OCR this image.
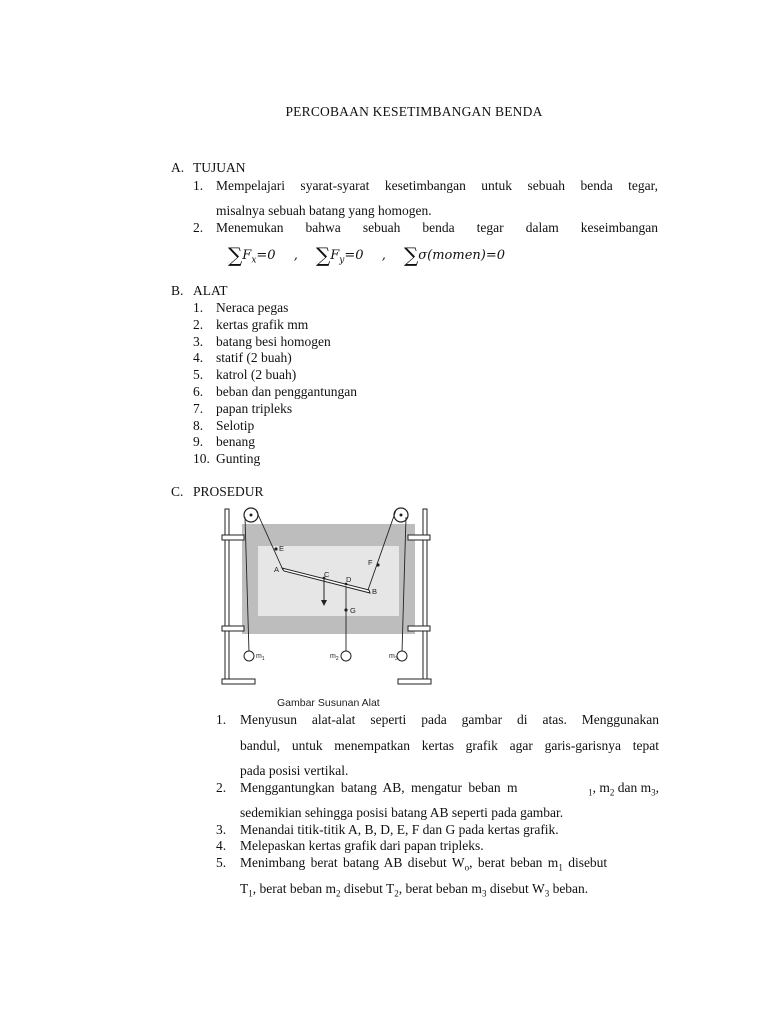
PERCOBAAN KESETIMBANGAN BENDA
A. TUJUAN
1. Mempelajari syarat-syarat kesetimbangan untuk sebuah benda tegar,
misalnya sebuah batang yang homogen.
2. Menemukan bahwa sebuah benda tegar dalam keseimbangan
$\sum F_x=0$ , $\sum F_y=0$ , ∑σ(momen)=0
B. ALAT
1. Neraca pegas
2. kertas grafik mm
3. batang besi homogen
4. statif (2 buah)
5. katrol (2 buah)
6. beban dan penggantungan
7. papan tripleks
8. Selotip
9. benang
10. Gunting
C. PROSEDUR
E
F
A
C
D
B
G
$m_1$	$m_2$	$m_3$
Gambar Susunan Alat
1.	Menyusun alat-alat seperti pada gambar di atas. Menggunakan
bandul, untuk menempatkan kertas grafik agar garis-garisnya tepat
pada posisi vertikal.
2.	Menggantungkan batang AB, mengatur beban m	$_1$, $m_2$ dan $m_3$,
sedemikian sehingga posisi batang AB seperti pada gambar.
3.	Menandai titik-titik A, B, D, E, F dan G pada kertas grafik.
4.	Melepaskan kertas grafik dari papan tripleks.
5.	Menimbang berat batang AB disebut $W_o$, berat beban $m_1$ disebut
$T_1$, berat beban $m_2$ disebut $T_2$, berat beban $m_3$ disebut $W_3$ beban.
